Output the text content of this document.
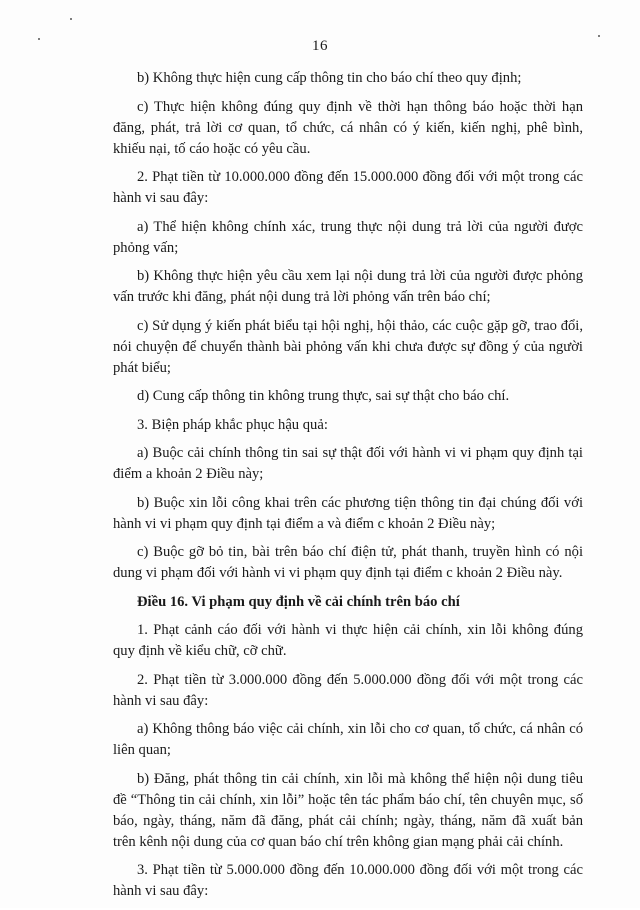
16

b) Không thực hiện cung cấp thông tin cho báo chí theo quy định;

c) Thực hiện không đúng quy định về thời hạn thông báo hoặc thời hạn đăng, phát, trả lời cơ quan, tổ chức, cá nhân có ý kiến, kiến nghị, phê bình, khiếu nại, tố cáo hoặc có yêu cầu.

2. Phạt tiền từ 10.000.000 đồng đến 15.000.000 đồng đối với một trong các hành vi sau đây:

a) Thể hiện không chính xác, trung thực nội dung trả lời của người được phỏng vấn;

b) Không thực hiện yêu cầu xem lại nội dung trả lời của người được phỏng vấn trước khi đăng, phát nội dung trả lời phỏng vấn trên báo chí;

c) Sử dụng ý kiến phát biểu tại hội nghị, hội thảo, các cuộc gặp gỡ, trao đổi, nói chuyện để chuyển thành bài phỏng vấn khi chưa được sự đồng ý của người phát biểu;

d) Cung cấp thông tin không trung thực, sai sự thật cho báo chí.

3. Biện pháp khắc phục hậu quả:

a) Buộc cải chính thông tin sai sự thật đối với hành vi vi phạm quy định tại điểm a khoản 2 Điều này;

b) Buộc xin lỗi công khai trên các phương tiện thông tin đại chúng đối với hành vi vi phạm quy định tại điểm a và điểm c khoản 2 Điều này;

c) Buộc gỡ bỏ tin, bài trên báo chí điện tử, phát thanh, truyền hình có nội dung vi phạm đối với hành vi vi phạm quy định tại điểm c khoản 2 Điều này.

Điều 16. Vi phạm quy định về cải chính trên báo chí

1. Phạt cảnh cáo đối với hành vi thực hiện cải chính, xin lỗi không đúng quy định về kiểu chữ, cỡ chữ.

2. Phạt tiền từ 3.000.000 đồng đến 5.000.000 đồng đối với một trong các hành vi sau đây:

a) Không thông báo việc cải chính, xin lỗi cho cơ quan, tổ chức, cá nhân có liên quan;

b) Đăng, phát thông tin cải chính, xin lỗi mà không thể hiện nội dung tiêu đề “Thông tin cải chính, xin lỗi” hoặc tên tác phẩm báo chí, tên chuyên mục, số báo, ngày, tháng, năm đã đăng, phát cải chính; ngày, tháng, năm đã xuất bản trên kênh nội dung của cơ quan báo chí trên không gian mạng phải cải chính.

3. Phạt tiền từ 5.000.000 đồng đến 10.000.000 đồng đối với một trong các hành vi sau đây:
